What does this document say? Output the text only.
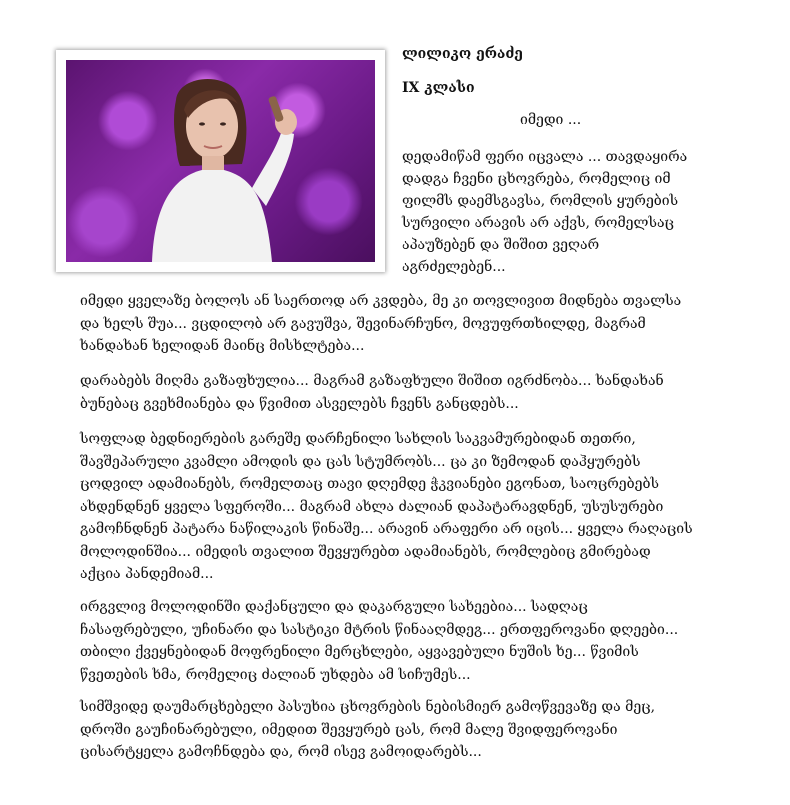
ლილიკო ერაძე
IX კლასი
იმედი ...
დედამიწამ ფერი იცვალა ... თავდაყირა
დადგა ჩვენი ცხოვრება, რომელიც იმ
ფილმს დაემსგავსა, რომლის ყურების
სურვილი არავის არ აქვს, რომელსაც
აპაუზებენ და შიშით ვეღარ
აგრძელებენ...
იმედი ყველაზე ბოლოს ან საერთოდ არ კვდება, მე კი თოვლივით მიდნება თვალსა
და ხელს შუა... ვცდილობ არ გავუშვა, შევინარჩუნო, მოვუფრთხილდე, მაგრამ
ხანდახან ხელიდან მაინც მისხლტება...
დარაბებს მიღმა გაზაფხულია... მაგრამ გაზაფხული შიშით იგრძნობა... ხანდახან
ბუნებაც გვეხმიანება და წვიმით ასველებს ჩვენს განცდებს...
სოფლად ბედნიერების გარეშე დარჩენილი სახლის საკვამურებიდან თეთრი,
შავშეპარული კვამლი ამოდის და ცას სტუმრობს... ცა კი ზემოდან დაჰყურებს
ცოდვილ ადამიანებს, რომელთაც თავი დღემდე ჭკვიანები ეგონათ, საოცრებებს
ახდენდნენ ყველა სფეროში... მაგრამ ახლა ძალიან დაპატარავდნენ, უსუსურები
გამოჩნდნენ პატარა ნაწილაკის წინაშე... არავინ არაფერი არ იცის... ყველა რაღაცის
მოლოდინშია... იმედის თვალით შევყურებთ ადამიანებს, რომლებიც გმირებად
აქცია პანდემიამ...
ირგვლივ მოლოდინში დაქანცული და დაკარგული სახეებია... სადღაც
ჩასაფრებული, უჩინარი და სასტიკი მტრის წინააღმდეგ... ერთფეროვანი დღეები...
თბილი ქვეყნებიდან მოფრენილი მერცხლები, აყვავებული ნუშის ხე... წვიმის
წვეთების ხმა, რომელიც ძალიან უხდება ამ სიჩუმეს...
სიმშვიდე დაუმარცხებელი პასუხია ცხოვრების ნებისმიერ გამოწვევაზე და მეც,
დროში გაუჩინარებული, იმედით შევყურებ ცას, რომ მალე შვიდფეროვანი
ცისარტყელა გამოჩნდება და, რომ ისევ გამოიდარებს...
